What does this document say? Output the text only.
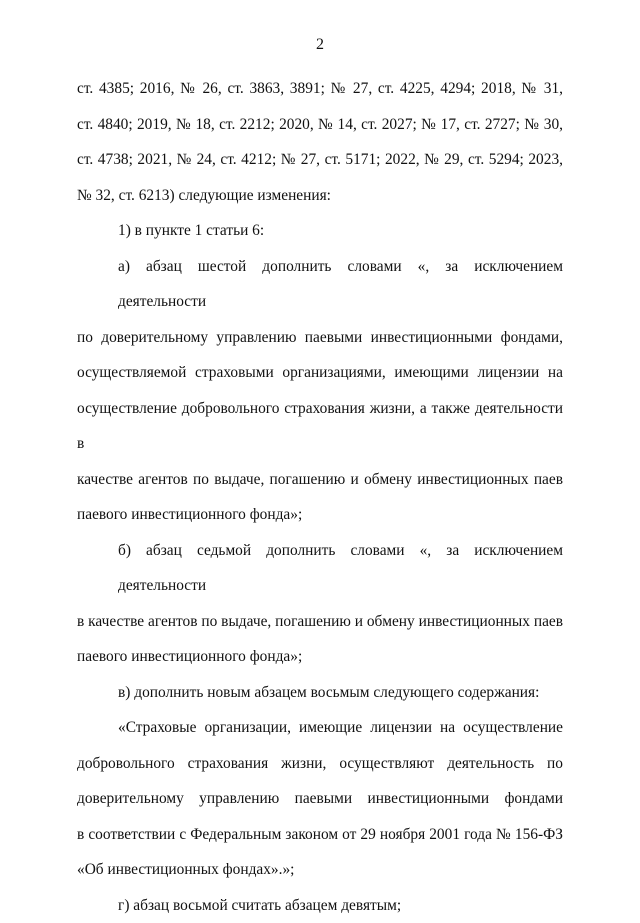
2
ст. 4385; 2016, № 26, ст. 3863, 3891; № 27, ст. 4225, 4294; 2018, № 31,
ст. 4840; 2019, № 18, ст. 2212; 2020, № 14, ст. 2027; № 17, ст. 2727; № 30,
ст. 4738; 2021, № 24, ст. 4212; № 27, ст. 5171; 2022, № 29, ст. 5294; 2023,
№ 32, ст. 6213) следующие изменения:
1) в пункте 1 статьи 6:
а) абзац шестой дополнить словами «, за исключением деятельности
по доверительному управлению паевыми инвестиционными фондами,
осуществляемой страховыми организациями, имеющими лицензии на
осуществление добровольного страхования жизни, а также деятельности в
качестве агентов по выдаче, погашению и обмену инвестиционных паев
паевого инвестиционного фонда»;
б) абзац седьмой дополнить словами «, за исключением деятельности
в качестве агентов по выдаче, погашению и обмену инвестиционных паев
паевого инвестиционного фонда»;
в) дополнить новым абзацем восьмым следующего содержания:
«Страховые организации, имеющие лицензии на осуществление
добровольного страхования жизни, осуществляют деятельность по
доверительному управлению паевыми инвестиционными фондами
в соответствии с Федеральным законом от 29 ноября 2001 года № 156-ФЗ
«Об инвестиционных фондах».»;
г) абзац восьмой считать абзацем девятым;
